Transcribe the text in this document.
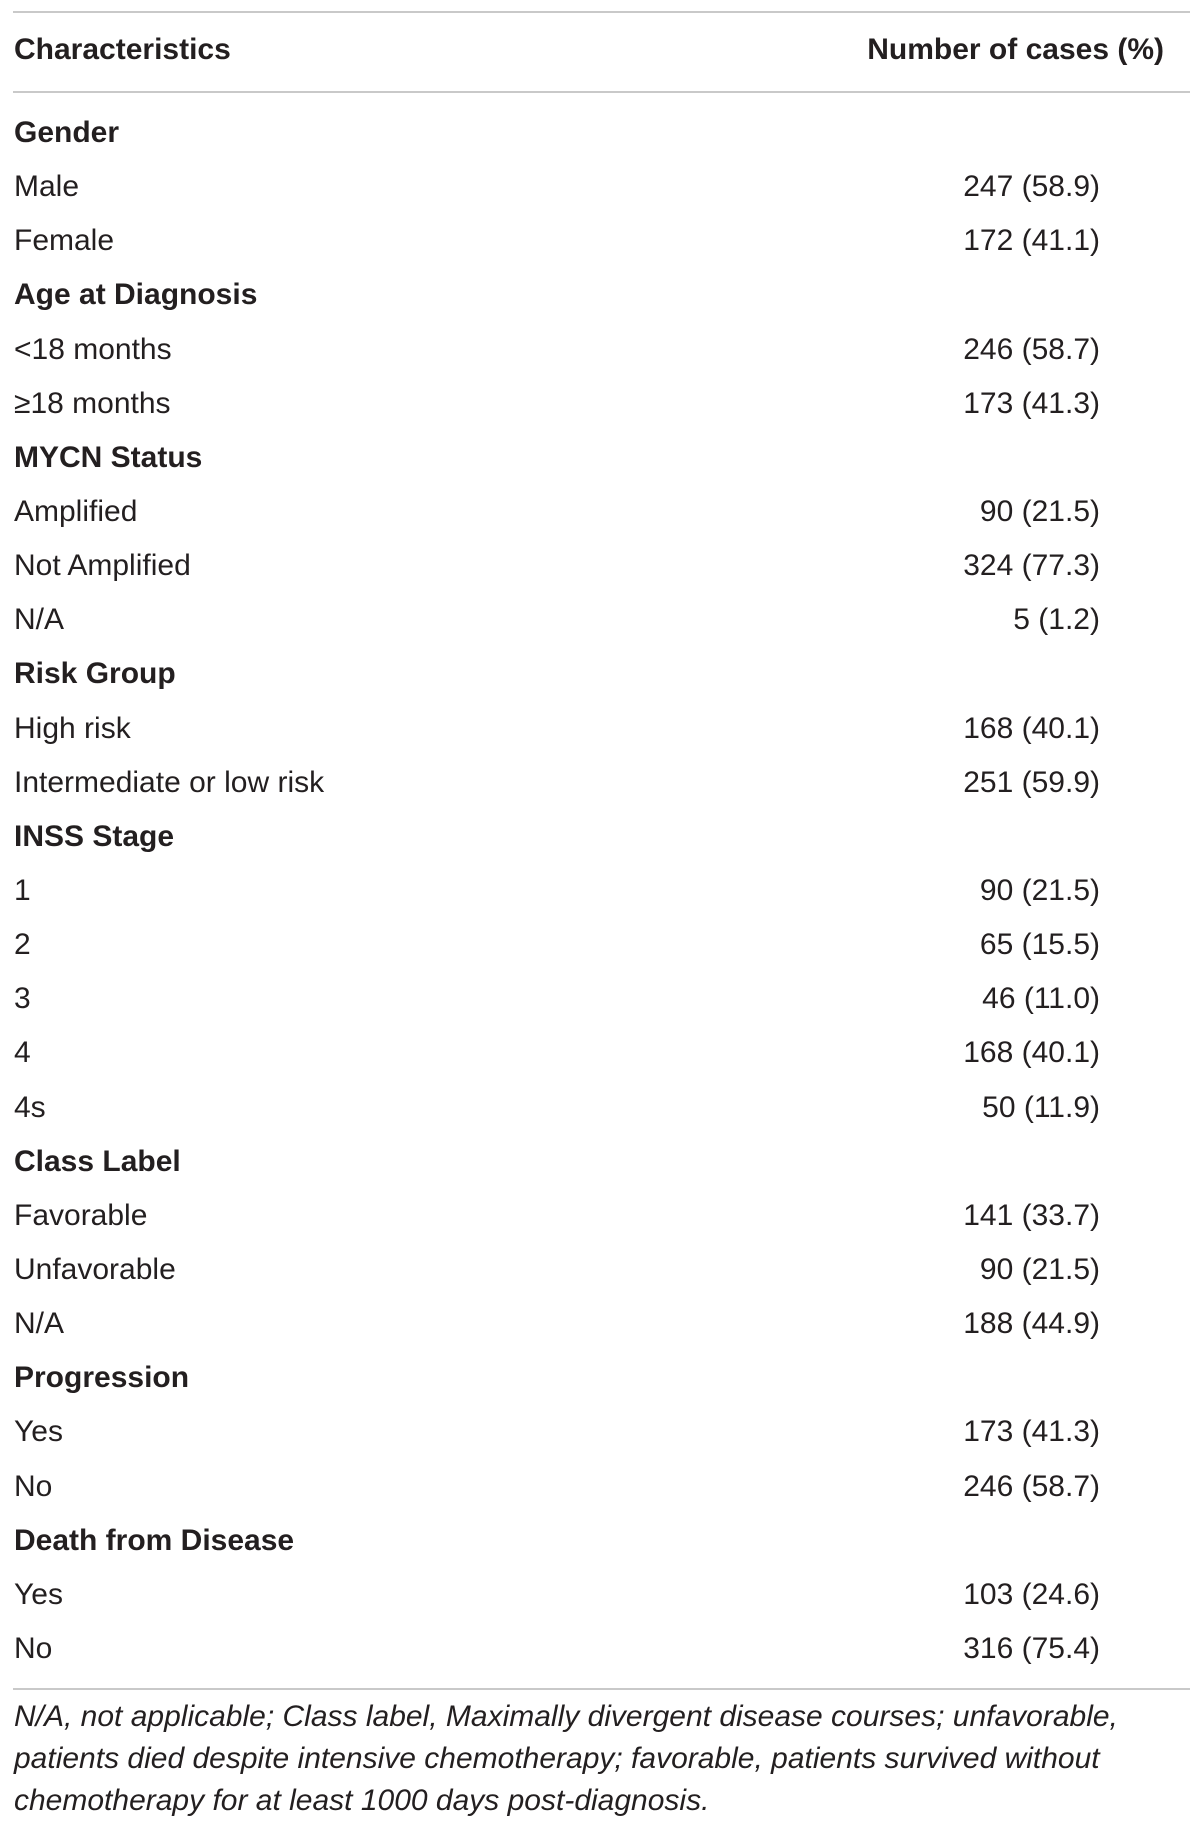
Characteristics	Number of cases (%)
Gender
Male	247 (58.9)
Female	172 (41.1)
Age at Diagnosis
<18 months	246 (58.7)
≥18 months	173 (41.3)
MYCN Status
Amplified	90 (21.5)
Not Amplified	324 (77.3)
N/A	5 (1.2)
Risk Group
High risk	168 (40.1)
Intermediate or low risk	251 (59.9)
INSS Stage
1	90 (21.5)
2	65 (15.5)
3	46 (11.0)
4	168 (40.1)
4s	50 (11.9)
Class Label
Favorable	141 (33.7)
Unfavorable	90 (21.5)
N/A	188 (44.9)
Progression
Yes	173 (41.3)
No	246 (58.7)
Death from Disease
Yes	103 (24.6)
No	316 (75.4)
N/A, not applicable; Class label, Maximally divergent disease courses; unfavorable, patients died despite intensive chemotherapy; favorable, patients survived without chemotherapy for at least 1000 days post-diagnosis.
